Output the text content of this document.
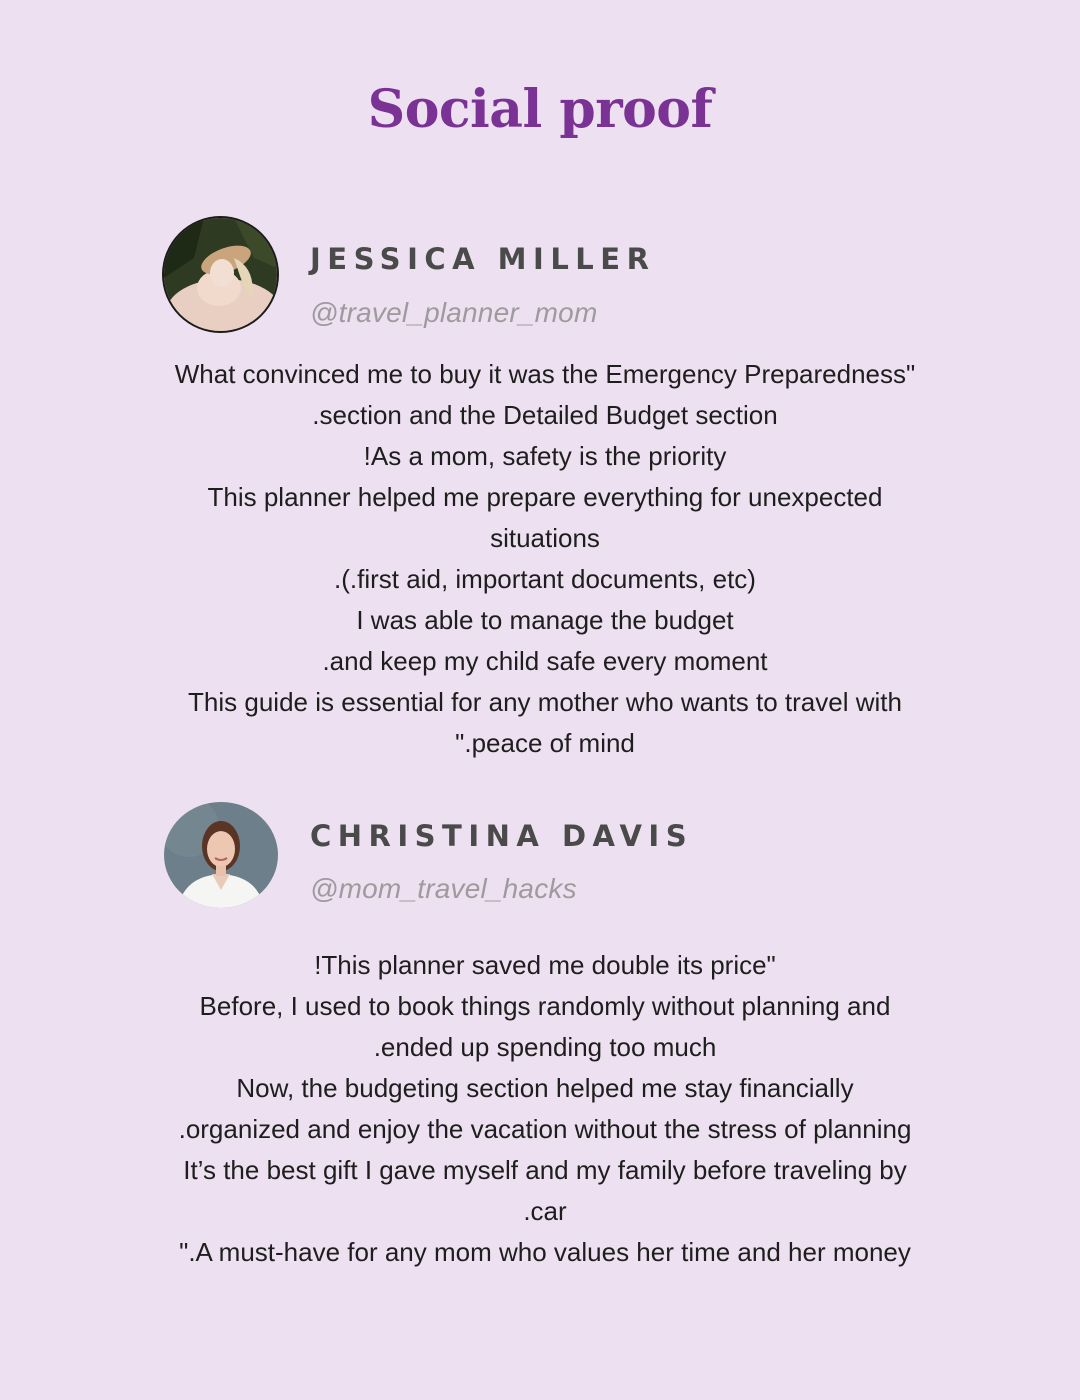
Social proof
JESSICA MILLER
@travel_planner_mom
What convinced me to buy it was the Emergency Preparedness"
.section and the Detailed Budget section
!As a mom, safety is the priority
This planner helped me prepare everything for unexpected
situations
.(.first aid, important documents, etc)
I was able to manage the budget
.and keep my child safe every moment
This guide is essential for any mother who wants to travel with
".peace of mind
CHRISTINA DAVIS
@mom_travel_hacks
!This planner saved me double its price"
Before, I used to book things randomly without planning and
.ended up spending too much
Now, the budgeting section helped me stay financially
.organized and enjoy the vacation without the stress of planning
It’s the best gift I gave myself and my family before traveling by
.car
".A must-have for any mom who values her time and her money
